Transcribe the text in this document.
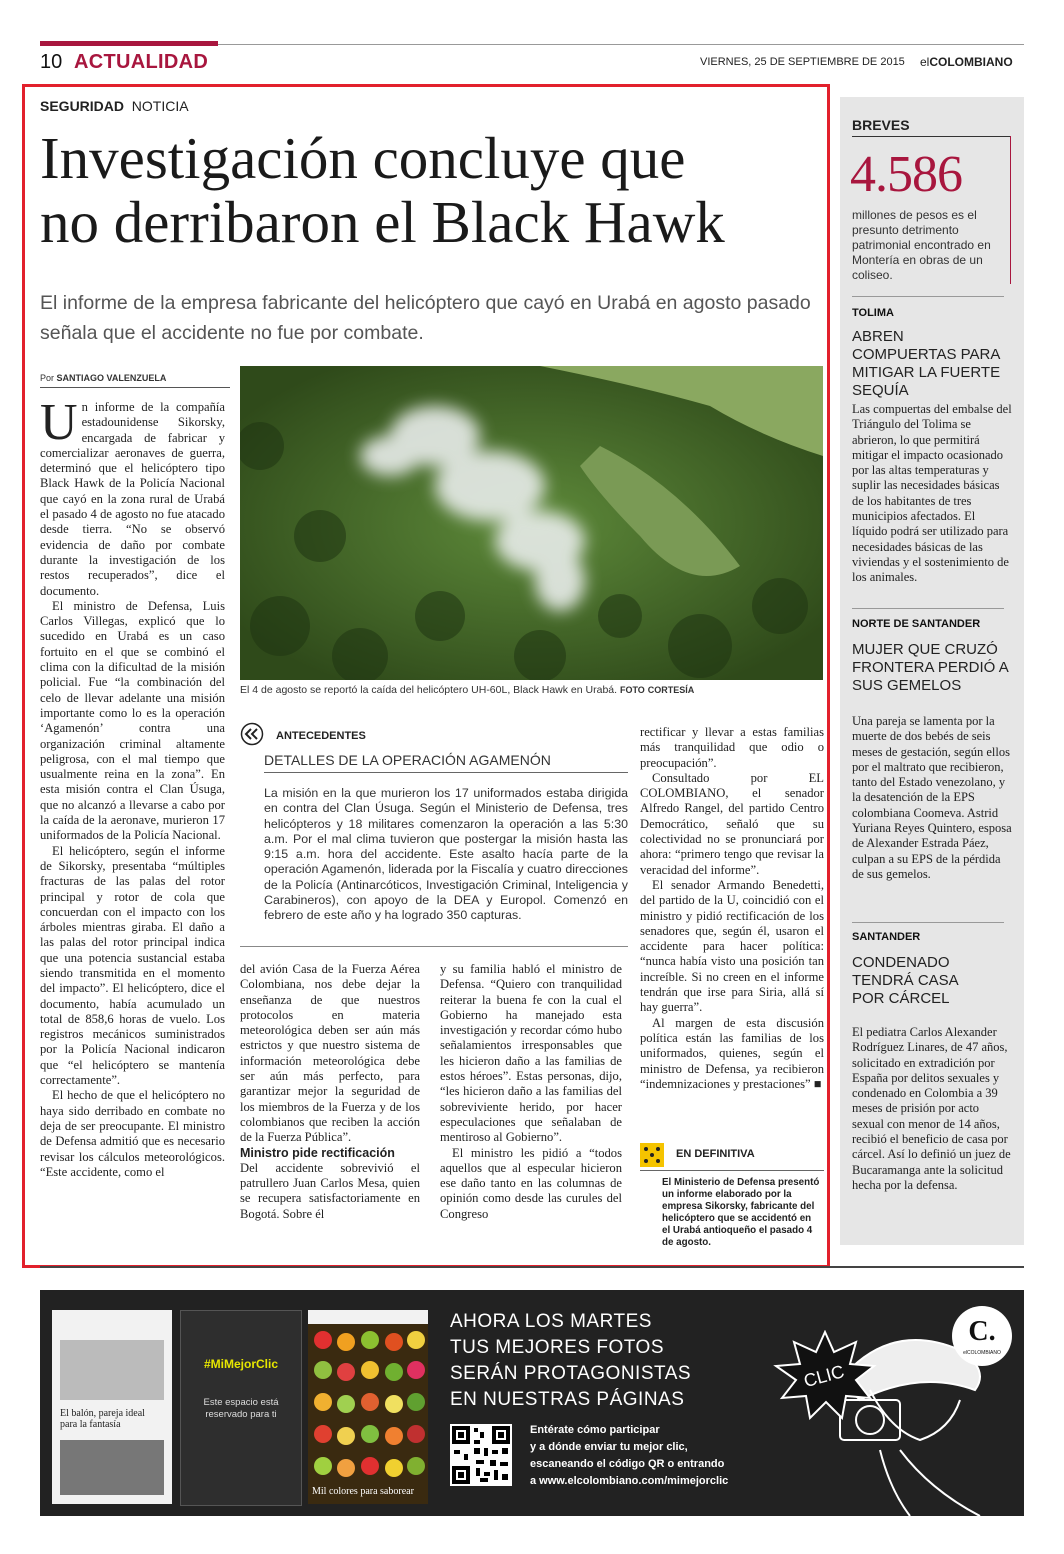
10 ACTUALIDAD	VIERNES, 25 DE SEPTIEMBRE DE 2015 elCOLOMBIANO
SEGURIDAD NOTICIA
Investigación concluye que
no derribaron el Black Hawk
El informe de la empresa fabricante del helicóptero que cayó en Urabá en agosto pasado señala que el accidente no fue por combate.
Por SANTIAGO VALENZUELA

Un informe de la compañía estadounidense Sikorsky, encargada de fabricar y comercializar aeronaves de guerra, determinó que el helicóptero tipo Black Hawk de la Policía Nacional que cayó en la zona rural de Urabá el pasado 4 de agosto no fue atacado desde tierra. “No se observó evidencia de daño por combate durante la investigación de los restos recuperados”, dice el documento.

El ministro de Defensa, Luis Carlos Villegas, explicó que lo sucedido en Urabá es un caso fortuito en el que se combinó el clima con la dificultad de la misión policial. Fue “la combinación del celo de llevar adelante una misión importante como lo es la operación ‘Agamenón’ contra una organización criminal altamente peligrosa, con el mal tiempo que usualmente reina en la zona”. En esta misión contra el Clan Úsuga, que no alcanzó a llevarse a cabo por la caída de la aeronave, murieron 17 uniformados de la Policía Nacional.

El helicóptero, según el informe de Sikorsky, presentaba “múltiples fracturas de las palas del rotor principal y rotor de cola que concuerdan con el impacto con los árboles mientras giraba. El daño a las palas del rotor principal indica que una potencia sustancial estaba siendo transmitida en el momento del impacto”. El helicóptero, dice el documento, había acumulado un total de 858,6 horas de vuelo. Los registros mecánicos suministrados por la Policía Nacional indicaron que “el helicóptero se mantenía correctamente”.

El hecho de que el helicóptero no haya sido derribado en combate no deja de ser preocupante. El ministro de Defensa admitió que es necesario revisar los cálculos meteorológicos. “Este accidente, como el

El 4 de agosto se reportó la caída del helicóptero UH-60L, Black Hawk en Urabá. FOTO CORTESÍA
ANTECEDENTES
DETALLES DE LA OPERACIÓN AGAMENÓN
La misión en la que murieron los 17 uniformados estaba dirigida en contra del Clan Úsuga. Según el Ministerio de Defensa, tres helicópteros y 18 militares comenzaron la operación a las 5:30 a.m. Por el mal clima tuvieron que postergar la misión hasta las 9:15 a.m. hora del accidente. Este asalto hacía parte de la operación Agamenón, liderada por la Fiscalía y cuatro direcciones de la Policía (Antinarcóticos, Investigación Criminal, Inteligencia y Carabineros), con apoyo de la DEA y Europol. Comenzó en febrero de este año y ha logrado 350 capturas.

del avión Casa de la Fuerza Aérea Colombiana, nos debe dejar la enseñanza de que nuestros protocolos en materia meteorológica deben ser aún más estrictos y que nuestro sistema de información meteorológica debe ser aún más perfecto, para garantizar mejor la seguridad de los miembros de la Fuerza y de los colombianos que reciben la acción de la Fuerza Pública”.

Ministro pide rectificación

Del accidente sobrevivió el patrullero Juan Carlos Mesa, quien se recupera satisfactoriamente en Bogotá. Sobre él

y su familia habló el ministro de Defensa. “Quiero con tranquilidad reiterar la buena fe con la cual el Gobierno ha manejado esta investigación y recordar cómo hubo señalamientos irresponsables que les hicieron daño a las familias de estos héroes”. Estas personas, dijo, “les hicieron daño a las familias del sobreviviente herido, por hacer especulaciones que señalaban de mentiroso al Gobierno”.

El ministro les pidió a “todos aquellos que al especular hicieron ese daño tanto en las columnas de opinión como desde las curules del Congreso

rectificar y llevar a estas familias más tranquilidad que odio o preocupación”.

Consultado por EL COLOMBIANO, el senador Alfredo Rangel, del partido Centro Democrático, señaló que su colectividad no se pronunciará por ahora: “primero tengo que revisar la veracidad del informe”.

El senador Armando Benedetti, del partido de la U, coincidió con el ministro y pidió rectificación de los senadores que, según él, usaron el accidente para hacer política: “nunca había visto una posición tan increíble. Si no creen en el informe tendrán que irse para Siria, allá sí hay guerra”.

Al margen de esta discusión política están las familias de los uniformados, quienes, según el ministro de Defensa, ya recibieron “indemnizaciones y prestaciones” ■

EN DEFINITIVA
El Ministerio de Defensa presentó un informe elaborado por la empresa Sikorsky, fabricante del helicóptero que se accidentó en el Urabá antioqueño el pasado 4 de agosto.
BREVES
4.586
millones de pesos es el presunto detrimento patrimonial encontrado en Montería en obras de un coliseo.
TOLIMA
ABREN COMPUERTAS PARA MITIGAR LA FUERTE SEQUÍA
Las compuertas del embalse del Triángulo del Tolima se abrieron, lo que permitirá mitigar el impacto ocasionado por las altas temperaturas y suplir las necesidades básicas de los habitantes de tres municipios afectados. El líquido podrá ser utilizado para necesidades básicas de las viviendas y el sostenimiento de los animales.
NORTE DE SANTANDER
MUJER QUE CRUZÓ FRONTERA PERDIÓ A SUS GEMELOS
Una pareja se lamenta por la muerte de dos bebés de seis meses de gestación, según ellos por el maltrato que recibieron, tanto del Estado venezolano, y la desatención de la EPS colombiana Coomeva. Astrid Yuriana Reyes Quintero, esposa de Alexander Estrada Páez, culpan a su EPS de la pérdida de sus gemelos.
SANTANDER
CONDENADO TENDRÁ CASA POR CÁRCEL
El pediatra Carlos Alexander Rodríguez Linares, de 47 años, solicitado en extradición por España por delitos sexuales y condenado en Colombia a 39 meses de prisión por acto sexual con menor de 14 años, recibió el beneficio de casa por cárcel. Así lo definió un juez de Bucaramanga ante la solicitud hecha por la defensa.
El balón, pareja ideal para la fantasía
#MiMejorClic
Este espacio está reservado para ti
Mil colores para saborear
CLIC
AHORA LOS MARTES
TUS MEJORES FOTOS
SERÁN PROTAGONISTAS
EN NUESTRAS PÁGINAS
Entérate cómo participar
y a dónde enviar tu mejor clic,
escaneando el código QR o entrando
a www.elcolombiano.com/mimejorclic
C.
elCOLOMBIANO
